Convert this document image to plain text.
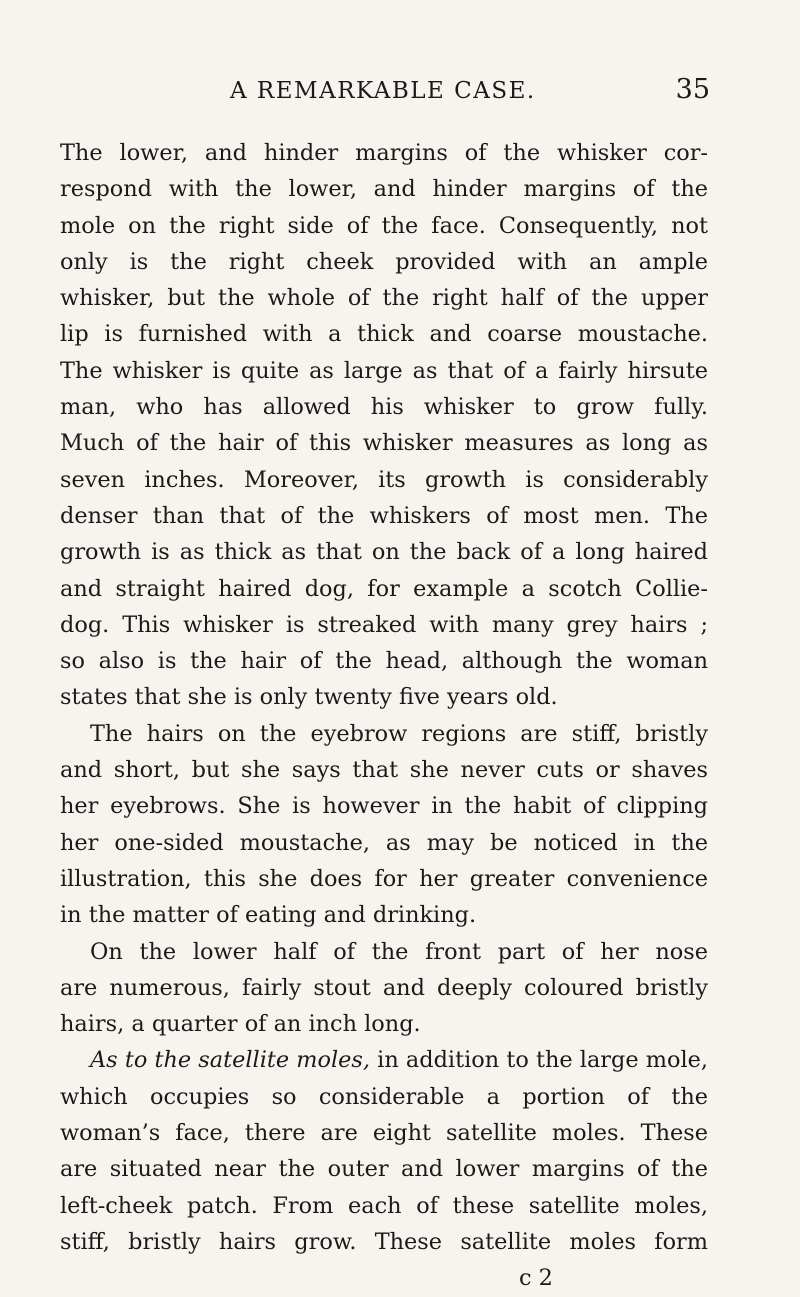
A REMARKABLE CASE.	35
The lower, and hinder margins of the whisker cor-
respond with the lower, and hinder margins of the
mole on the right side of the face. Consequently, not
only is the right cheek provided with an ample
whisker, but the whole of the right half of the upper
lip is furnished with a thick and coarse moustache.
The whisker is quite as large as that of a fairly hirsute
man, who has allowed his whisker to grow fully.
Much of the hair of this whisker measures as long as
seven inches. Moreover, its growth is considerably
denser than that of the whiskers of most men. The
growth is as thick as that on the back of a long haired
and straight haired dog, for example a scotch Collie-
dog. This whisker is streaked with many grey hairs ;
so also is the hair of the head, although the woman
states that she is only twenty five years old.
The hairs on the eyebrow regions are stiff, bristly
and short, but she says that she never cuts or shaves
her eyebrows. She is however in the habit of clipping
her one-sided moustache, as may be noticed in the
illustration, this she does for her greater convenience
in the matter of eating and drinking.
On the lower half of the front part of her nose
are numerous, fairly stout and deeply coloured bristly
hairs, a quarter of an inch long.
As to the satellite moles, in addition to the large mole,
which occupies so considerable a portion of the
woman’s face, there are eight satellite moles. These
are situated near the outer and lower margins of the
left-cheek patch. From each of these satellite moles,
stiff, bristly hairs grow. These satellite moles form
c 2
